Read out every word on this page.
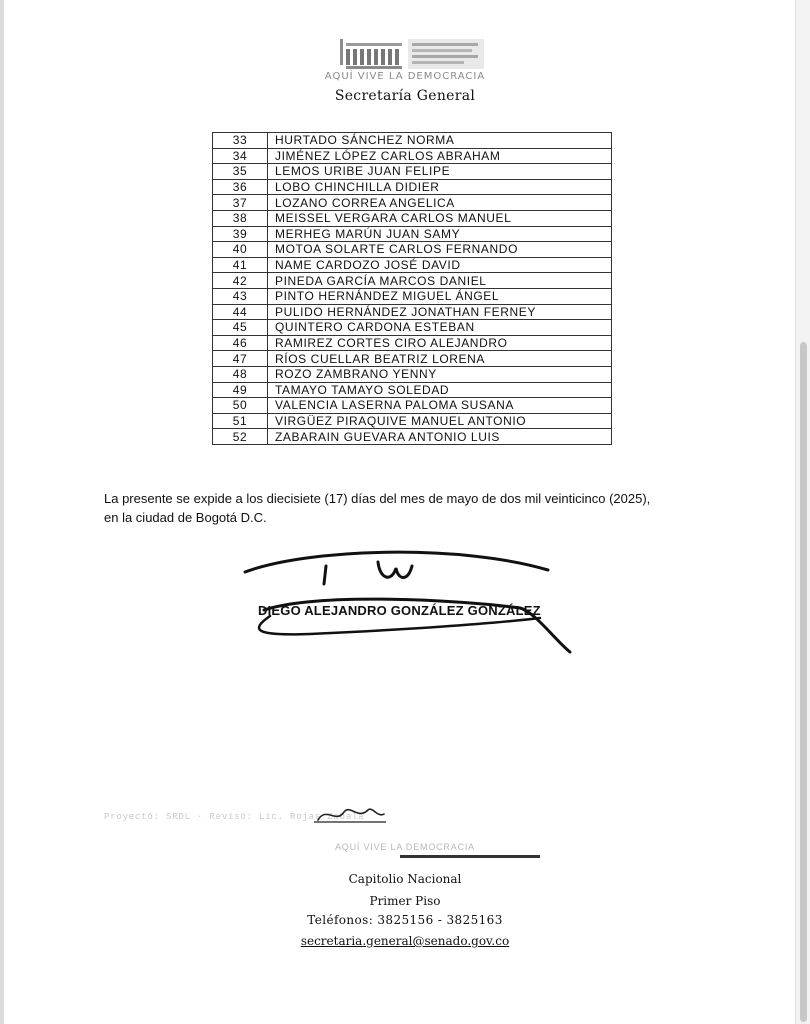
AQUÍ VIVE LA DEMOCRACIA
Secretaría General
33	HURTADO SÁNCHEZ NORMA
34	JIMÉNEZ LÓPEZ CARLOS ABRAHAM
35	LEMOS URIBE JUAN FELIPE
36	LOBO CHINCHILLA DIDIER
37	LOZANO CORREA ANGELICA
38	MEISSEL VERGARA CARLOS MANUEL
39	MERHEG MARÚN JUAN SAMY
40	MOTOA SOLARTE CARLOS FERNANDO
41	NAME CARDOZO JOSÉ DAVID
42	PINEDA GARCÍA MARCOS DANIEL
43	PINTO HERNÁNDEZ MIGUEL ÁNGEL
44	PULIDO HERNÁNDEZ JONATHAN FERNEY
45	QUINTERO CARDONA ESTEBAN
46	RAMIREZ CORTES CIRO ALEJANDRO
47	RÍOS CUELLAR BEATRIZ LORENA
48	ROZO ZAMBRANO YENNY
49	TAMAYO TAMAYO SOLEDAD
50	VALENCIA LASERNA PALOMA SUSANA
51	VIRGÜEZ PIRAQUIVE MANUEL ANTONIO
52	ZABARAIN GUEVARA ANTONIO LUIS
La presente se expide a los diecisiete (17) días del mes de mayo de dos mil veinticinco (2025),
en la ciudad de Bogotá D.C.
DIEGO ALEJANDRO GONZÁLEZ GONZÁLEZ
Proyectó: SRDL · Revisó: Lic. Rojas Zabala
AQUÍ VIVE LA DEMOCRACIA
Capitolio Nacional
Primer Piso
Teléfonos: 3825156 - 3825163
secretaria.general@senado.gov.co
